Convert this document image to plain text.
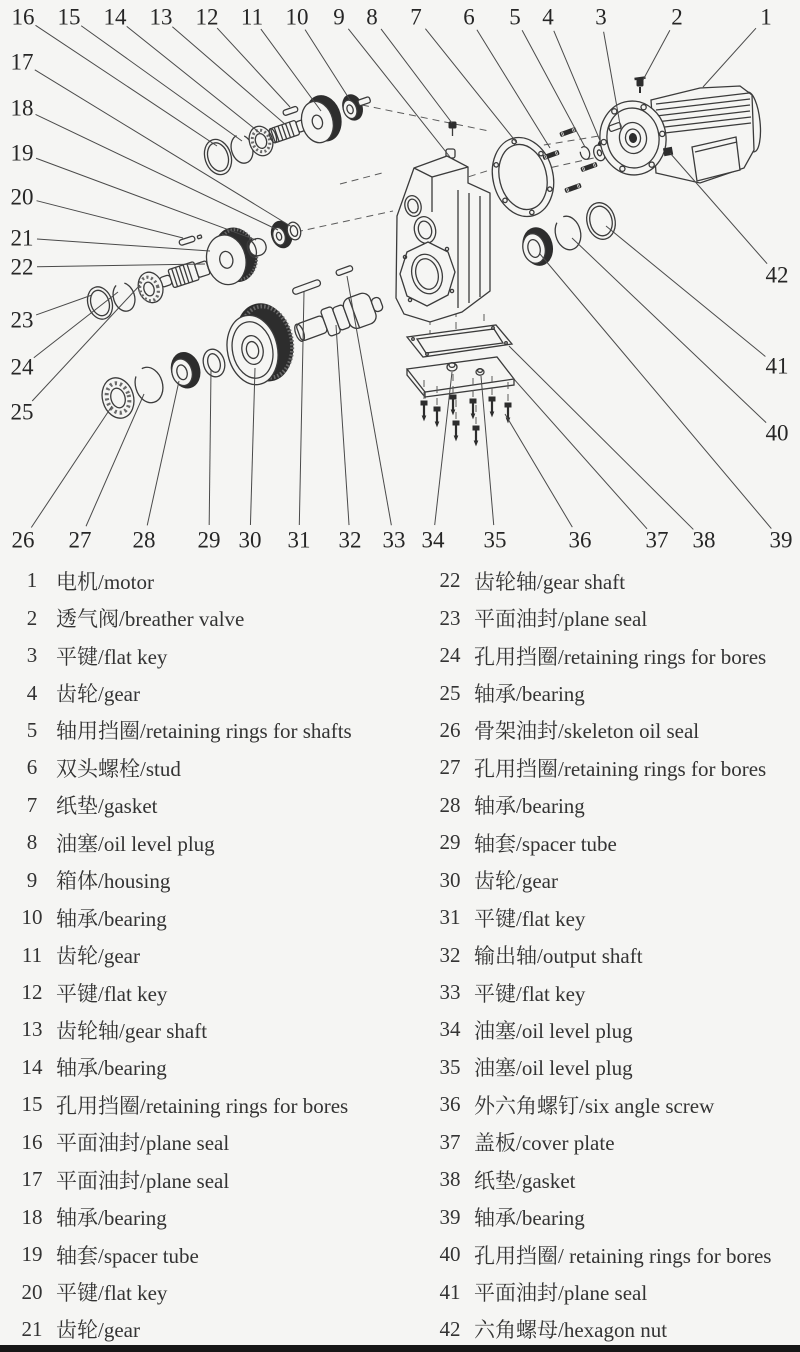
1
2
3
4
5
6
7
8
9
10
11
12
13
14
15
16
17
18
19
20
21
22
23
24
25
26 27 28 29 30 31 32 33 34 35	36 37 38 39
40
41
42
1 电机/motor
2 透气阀/breather valve
3 平键/flat key
4 齿轮/gear
5 轴用挡圈/retaining rings for shafts
6 双头螺栓/stud
7 纸垫/gasket
8 油塞/oil level plug
9 箱体/housing
10 轴承/bearing
11 齿轮/gear
12 平键/flat key
13 齿轮轴/gear shaft
14 轴承/bearing
15 孔用挡圈/retaining rings for bores
16 平面油封/plane seal
17 平面油封/plane seal
18 轴承/bearing
19 轴套/spacer tube
20 平键/flat key
21 齿轮/gear
22 齿轮轴/gear shaft
23 平面油封/plane seal
24 孔用挡圈/retaining rings for bores
25 轴承/bearing
26 骨架油封/skeleton oil seal
27 孔用挡圈/retaining rings for bores
28 轴承/bearing
29 轴套/spacer tube
30 齿轮/gear
31 平键/flat key
32 输出轴/output shaft
33 平键/flat key
34 油塞/oil level plug
35 油塞/oil level plug
36 外六角螺钉/six angle screw
37 盖板/cover plate
38 纸垫/gasket
39 轴承/bearing
40 孔用挡圈/ retaining rings for bores
41 平面油封/plane seal
42 六角螺母/hexagon nut
